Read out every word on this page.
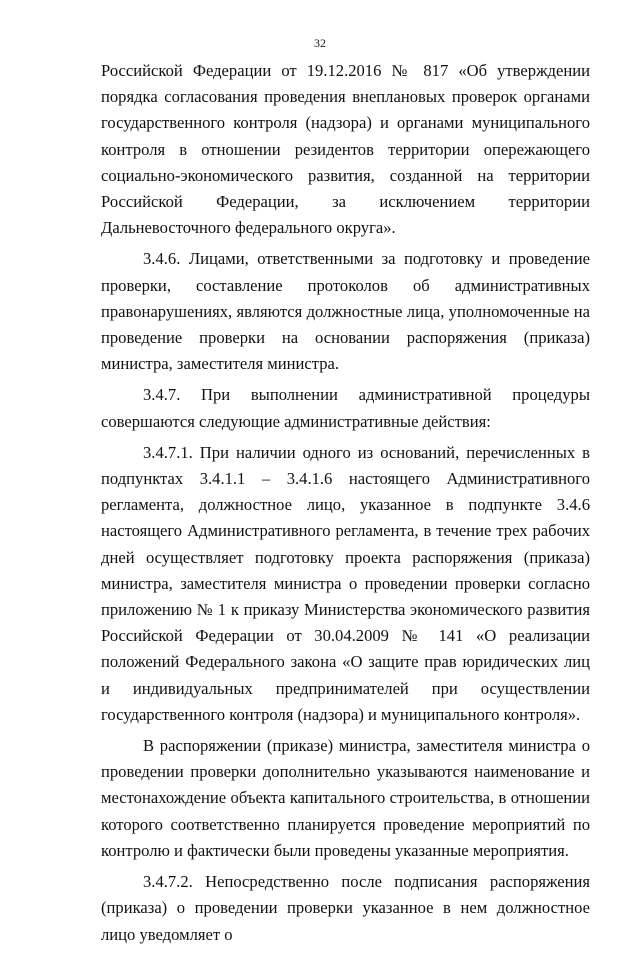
32

Российской Федерации от 19.12.2016 № 817 «Об утверждении порядка согласования проведения внеплановых проверок органами государственного контроля (надзора) и органами муниципального контроля в отношении резидентов территории опережающего социально-экономического развития, созданной на территории Российской Федерации, за исключением территории Дальневосточного федерального округа».

3.4.6. Лицами, ответственными за подготовку и проведение проверки, составление протоколов об административных правонарушениях, являются должностные лица, уполномоченные на проведение проверки на основании распоряжения (приказа) министра, заместителя министра.

3.4.7. При выполнении административной процедуры совершаются следующие административные действия:

3.4.7.1. При наличии одного из оснований, перечисленных в подпунктах 3.4.1.1 – 3.4.1.6 настоящего Административного регламента, должностное лицо, указанное в подпункте 3.4.6 настоящего Административного регламента, в течение трех рабочих дней осуществляет подготовку проекта распоряжения (приказа) министра, заместителя министра о проведении проверки согласно приложению № 1 к приказу Министерства экономического развития Российской Федерации от 30.04.2009 № 141 «О реализации положений Федерального закона «О защите прав юридических лиц и индивидуальных предпринимателей при осуществлении государственного контроля (надзора) и муниципального контроля».

В распоряжении (приказе) министра, заместителя министра о проведении проверки дополнительно указываются наименование и местонахождение объекта капитального строительства, в отношении которого соответственно планируется проведение мероприятий по контролю и фактически были проведены указанные мероприятия.

3.4.7.2. Непосредственно после подписания распоряжения (приказа) о проведении проверки указанное в нем должностное лицо уведомляет о
